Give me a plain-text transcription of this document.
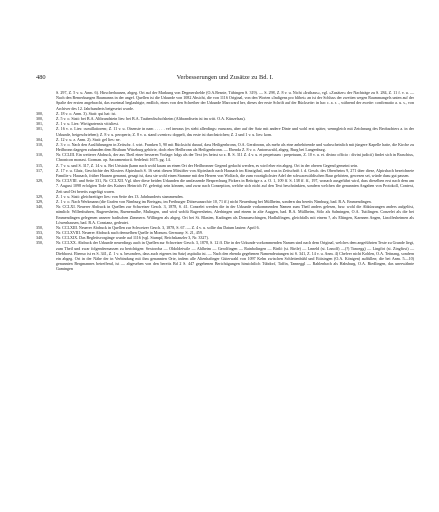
480	Verbesserungen und Zusätze zu Bd. I.

S. 297, Z. 5 v. u. Anm. 6). Hirscherhausen, abgeg. Ort auf der Markung von Degmershelde (O.A.Besnie, Tübingen S. 319). — S. 298, Z. 8 v. u. Nicht »Irsthaus«, vgl. »Zusätze« der Nachträge zu S. 284, Z. 11 f. v. u. — Nach den Bemerkungen Baumanns in der angef. Quellen ist die Urkunde von 1082 Absicht, die von 1116 Original, von den Worten »Indigens pro blibet« an ist der Schluss der zweiten wegen Raummangels unten auf der Spalte der ersten angebracht, das zweimal beglaubigte, endlich, eines von den Schreiber der Urkunde Marcward her, dieses der erste Schrift auf der Rückseite: in hac c. a. r. ., während der zweite: confirmatio a. u. s., von Archiver des 12. Jahrhunderts beigesetzt wurde.

300,	Z. 18 v. o. Anm. 3). Statt: qui hat: ist.

300,	Z. 5 v. o. Statt: bei B.A. Altbrandstein lies: bei B.A. Taubenfischofsheim (Altbrandtsein ist im witt. O.A. Künzelsau).

301,	Z. 1 v. u. Lies: Wirtigartensis vitisliest.

301,	Z. 16 v. o. Lies: cumillatiorem; Z. 11 v. u. Oisenste in nam . . . . . vel ineraus (es steht allerdings: eururam, aber auf der Satz mit andere Dinte und wohl erst später, wenngleich mit Zeichnung des Beobachters a. in der Urkunde, beigeschrieben); Z. 8 v. u. peroperis; Z. 8 v. u. stand »venire« doppelt, das erste ist durchstrichen; Z. 2 und 1 v. u. lies: kom.

304,	Z. 12 v. u. z. Anm. 2). Statt: gel lies: ne.

310,	Z. 3 v. o. Nach den Auslführungen in Zeitschr. f. wirt. Franken 5, 90 mit Rücksicht darauf, dass Heiligenbronn, O.A. Gerabronn, als mehr als eine anbehörende und wahrscheinlich mit jüngere Kapelle hatte, die Kirche zu Heilbronn dagegen zuhanden dem Bisthum Würzburg gehörte, doch eher Heilbronn als Heiligenbronn. — Ebenda Z. 8 v. o. Antonswald, abgeg. Burg bei Langenburg.

310,	Nr. CCLIII. Ein weiterer Abdruck, der aus Theil einer besseren Vorlage: hdgs als der Text (es heisst so z. B. S. 311 Z. 4 v. u. et perpetuum : prepetuum, Z. 10 v. u. et. divino officio : divini judicii) findet sich in Braschius, Chronicon monast. Gorman. op. Sacramentorii. Sedelesti 1675. pg. 14.

315,	Z. 7 v. u. und S. 317, Z. 14 v. u. Bei Urtstain (kann nach wohl kaum an einen Ort der Heilbronner Gegend gedacht werden, es wird eher ein abgeg. Ort in der oberen Gegend gemeint sein.

317,	Z. 17 v. u. Glatz, Geschichte des Klosters Alpirsbach S. 16 setzt diesen Mitstifter von Alpirsbach nach Hausach im Kinzigthal, und was in Zeitschrift f. d. Gesch. des Oberrheins 9, 271 über diese, Alpirsbach bezeichnete Familie v. Hausach, früher Hausen genannt, gesagt ist, dass sie wohl einen Stamme mit den Herren von Wolfach, die zum vorzüglichster Adel der schwarzwäldischen Baar gehörten, gewesen sei, würde dazu gut passen.

329,	Nr. CCLVIII. und Seite 331, Nr. CCLXII. Vgl. über diese beiden Urkunden die umfassende Besprechung Pickers in Beiträge z. a. O. 1, 109 ff. S. 138 ff. ff., 197, wonach ausgeführt wird, dass dieselben erst nach dem am 7. August 1098 erfolgten Tode des Kaisers Heinrich IV. gefertigt sein können, und zwar nach Conzeption, welche sich nicht auf den Text beschränkten, sondern welchen die genannten Angaben von Protokoll, Context, Zeit und Ort bereits zugefügt waren.

329,	Z. 1 v. u. Statt: gleichzeitiger lies: von Seite des 13. Jahrhunderts stammenden.

329,	Z. 1 v. o. Nach Werkmann (die Grafen von Nimburg im Breisgau, im Freiburger Diözesanarchiv 10, 71 ff.) nicht Neuenburg bei Müllheim, sondern das bereits Nimburg, bad. B.A. Emmendingen.

340,	Nr. CCLXI. Neuerer Abdruck in Quellen zur Schweizer Gesch. 3, 1878, S. 41. Conzelei werden die in der Urkunde vorkommenden Namen zum Theil anders gelesen, bzw. wohl die Abkürzungen anders aufgelöst, nämlich: Willenbuhren, Rugeresheim, Ruenemulbe, Mulingen, und wird woblü Rugeresheim, Alerhingen und einem in alte Auggen, bad. B.A. Müllheim, Sölo als Salmingen, O.A. Tuttlingen. Conzelei als die bei Emmendingen gelegenen unserer badischen Zimmern. Willingen als abgeg. Ort bei St. Blasien, Kadingen als Donaueschingen, Hadlulfingen, gleichfalls mit einem ?, als Eltingen, Karnnen Angen, Linolfesheimen als Löwenhausen, bad. B.A. Constanz, gedeutet.

350,	Nr. CCLXIII. Neuerer Abdruck in Quellen zur Schweizer Gesch. 3, 1878, S. 67. — Z. 4 v. u. sollte das Datum lauten: April 6.

353,	Nr. CCLXVIII. Neuerer Abdruck nach demselben Quelle in Monum. Germany. S. 21, 459.

340,	Nr. CCLXIX. Das Begleitsvorgänge wurde auf 1116 (vgl. Stumpf, Reichskanzler 3, Nr. 3327).

350,	Nr. CCLXX. Abdruck der Urkunde neuerdings auch in Quellen zur Schweizer Gesch. 3, 1878, S. 12 ff. Die in der Urkunde vorkommenden Namen sind nach dem Original, welches dem angeführten Texte zu Grunde liegt, zum Theil und zwar folgendermassen zu berichtigen: Sextoroba — Oldoldeiwile — Ahlheim — Gerolfingen — Rainbolingen — Birtlö (st. Birtle) — Lnneld (st. Lnnolf) —(?) Tancegg) — Lingfirt (st. Zingfirst) — Diebhorst. Ebenso ist es S. 341, Z. 1 v. u. besonders, dass auch eigenes im Satz) aspitalia ist. — Nach den ebenda gegebenen Namendeutungen ist S. 341, Z. 14 v. u. Anm. 4) Chelver nicht Kohlen, O.A. Tettnang, sondern ein abgeg. Ort in der Nähe der in Verbindung mit ihm genannten Orte, indem alle Altenhafinger Güterwahl von 1097 Kelm zwischen Schleitenbühl und Ettisingen (O.A. Königen) auffüllen; die bei Anm. 5—10) genannten Bergmannes betreffend, ist — abgesehen von den bereits Bd 2 S. 447 gegebenen Berichtigungen hinsichtlich Tübdorf, Taffin, Tanneggl — Rahlenbach als Habsburg, O.A. Riedlingen, das unerwähnte Gamingen
